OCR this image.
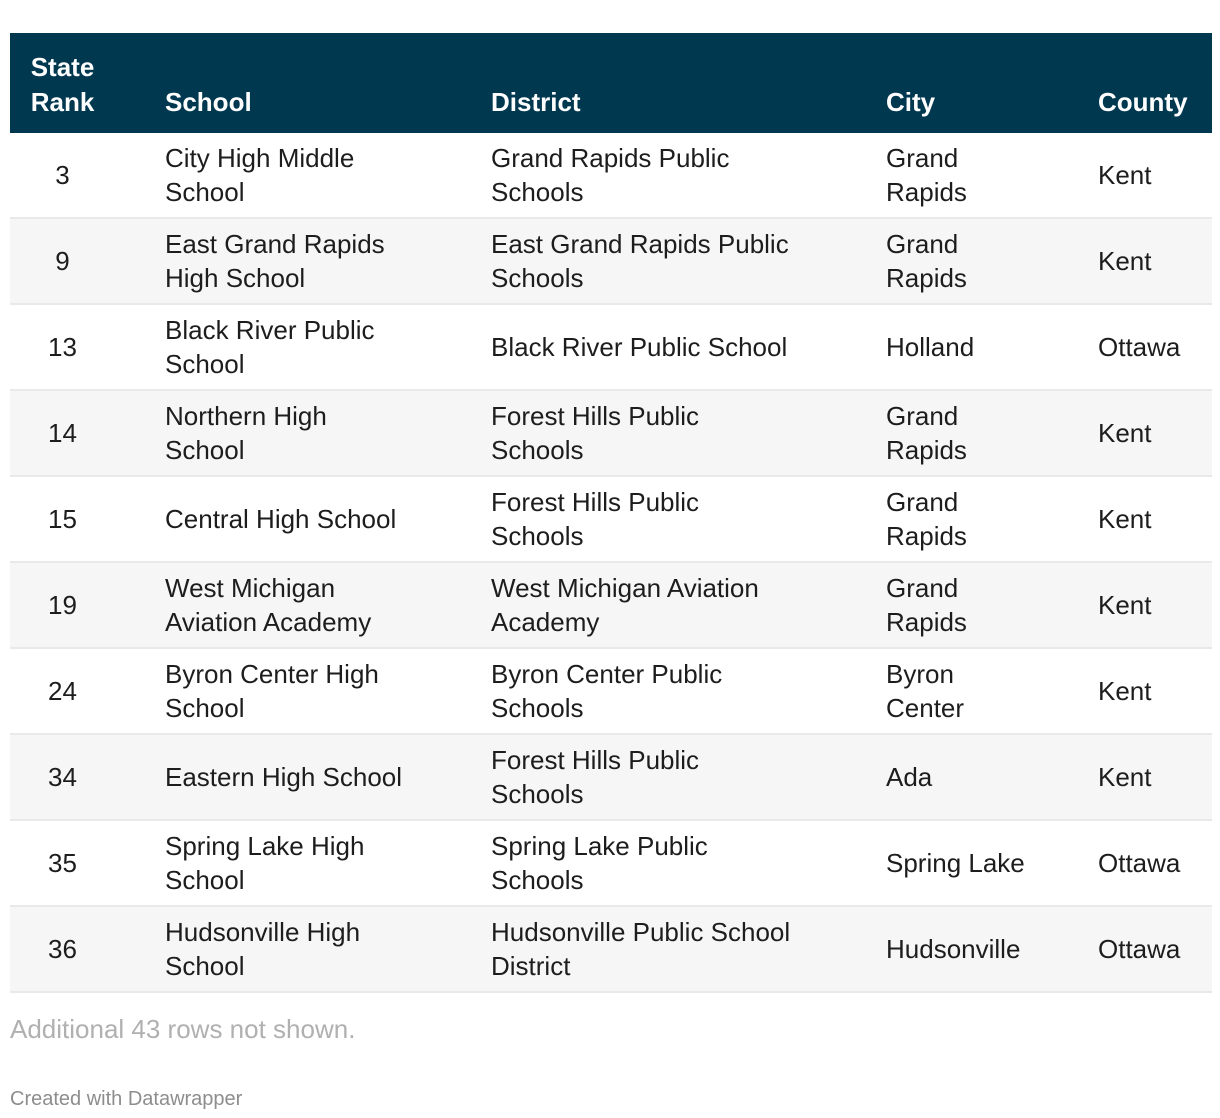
State Rank	School	District	City	County
3	City High Middle School	Grand Rapids Public Schools	Grand Rapids	Kent
9	East Grand Rapids High School	East Grand Rapids Public Schools	Grand Rapids	Kent
13	Black River Public School	Black River Public School	Holland	Ottawa
14	Northern High School	Forest Hills Public Schools	Grand Rapids	Kent
15	Central High School	Forest Hills Public Schools	Grand Rapids	Kent
19	West Michigan Aviation Academy	West Michigan Aviation Academy	Grand Rapids	Kent
24	Byron Center High School	Byron Center Public Schools	Byron Center	Kent
34	Eastern High School	Forest Hills Public Schools	Ada	Kent
35	Spring Lake High School	Spring Lake Public Schools	Spring Lake	Ottawa
36	Hudsonville High School	Hudsonville Public School District	Hudsonville	Ottawa
Additional 43 rows not shown.
Created with Datawrapper
